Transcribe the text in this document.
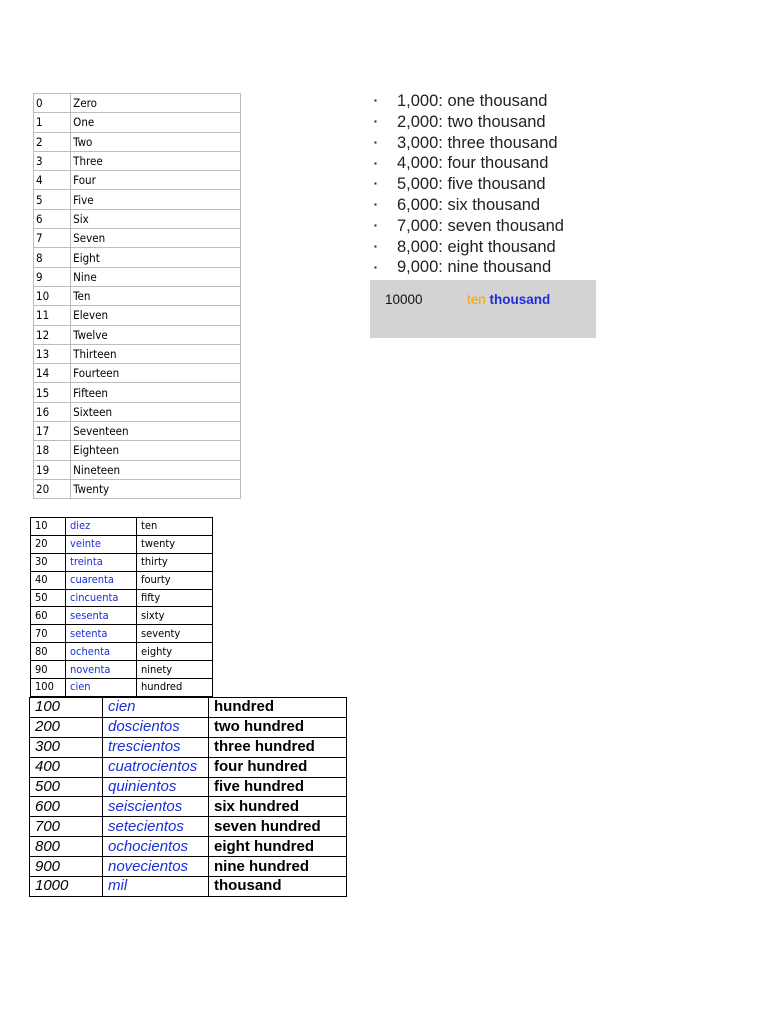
0	Zero
1	One
2	Two
3	Three
4	Four
5	Five
6	Six
7	Seven
8	Eight
9	Nine
10	Ten
11	Eleven
12	Twelve
13	Thirteen
14	Fourteen
15	Fifteen
16	Sixteen
17	Seventeen
18	Eighteen
19	Nineteen
20	Twenty
10	diez	ten
20	veinte	twenty
30	treinta	thirty
40	cuarenta	fourty
50	cincuenta	fifty
60	sesenta	sixty
70	setenta	seventy
80	ochenta	eighty
90	noventa	ninety
100	cien	hundred
100	cien	hundred
200	doscientos	two hundred
300	trescientos	three hundred
400	cuatrocientos	four hundred
500	quinientos	five hundred
600	seiscientos	six hundred
700	setecientos	seven hundred
800	ochocientos	eight hundred
900	novecientos	nine hundred
1000	mil	thousand
▪ 1,000: one thousand
▪ 2,000: two thousand
▪ 3,000: three thousand
▪ 4,000: four thousand
▪ 5,000: five thousand
▪ 6,000: six thousand
▪ 7,000: seven thousand
▪ 8,000: eight thousand
▪ 9,000: nine thousand
10000	ten thousand
